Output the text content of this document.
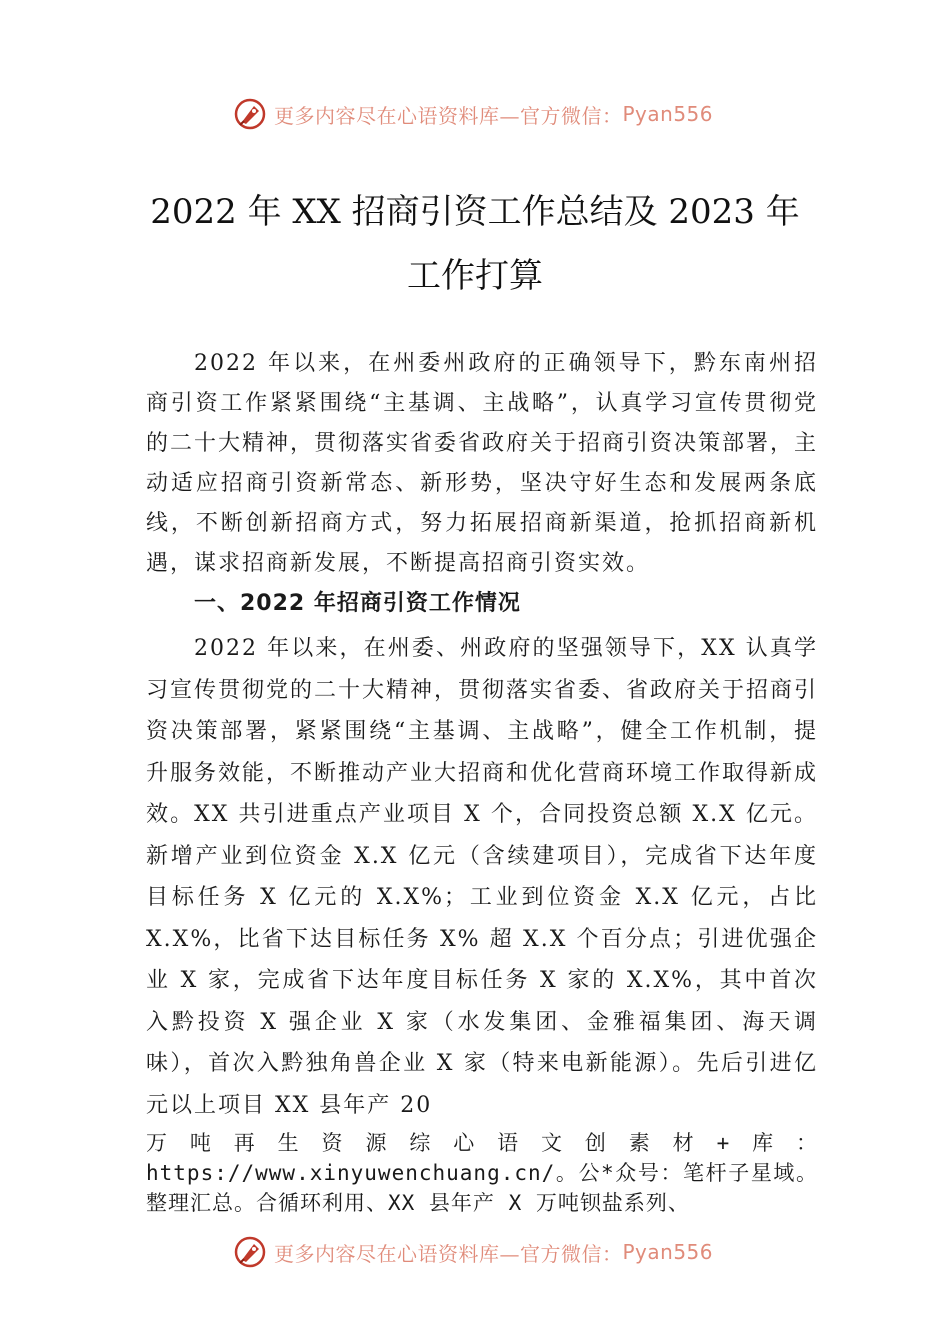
更多内容尽在心语资料库—官方微信： Pyan556
2022 年 XX 招商引资工作总结及 2023 年
工作打算

2022 年以来，在州委州政府的正确领导下，黔东南州招商引资工作紧紧围绕“主基调、主战略”，认真学习宣传贯彻党的二十大精神，贯彻落实省委省政府关于招商引资决策部署，主动适应招商引资新常态、新形势，坚决守好生态和发展两条底线，不断创新招商方式，努力拓展招商新渠道，抢抓招商新机遇，谋求招商新发展，不断提高招商引资实效。

一、2022 年招商引资工作情况

2022 年以来，在州委、州政府的坚强领导下，XX 认真学习宣传贯彻党的二十大精神，贯彻落实省委、省政府关于招商引资决策部署，紧紧围绕“主基调、主战略”，健全工作机制，提升服务效能，不断推动产业大招商和优化营商环境工作取得新成效。XX 共引进重点产业项目 X 个，合同投资总额 X.X 亿元。新增产业到位资金 X.X 亿元（含续建项目），完成省下达年度目标任务 X 亿元的 X.X%；工业到位资金 X.X 亿元，占比 X.X%，比省下达目标任务 X% 超 X.X 个百分点；引进优强企业 X 家，完成省下达年度目标任务 X 家的 X.X%，其中首次入黔投资 X 强企业 X 家（水发集团、金雅福集团、海天调味），首次入黔独角兽企业 X 家（特来电新能源）。先后引进亿元以上项目 XX 县年产 20

万吨再生资源综心语文创素材+库：https://www.xinyuwenchuang.cn/。公*众号：笔杆子星域。整理汇总。合循环利用、XX 县年产 X 万吨钡盐系列、

更多内容尽在心语资料库—官方微信： Pyan556
